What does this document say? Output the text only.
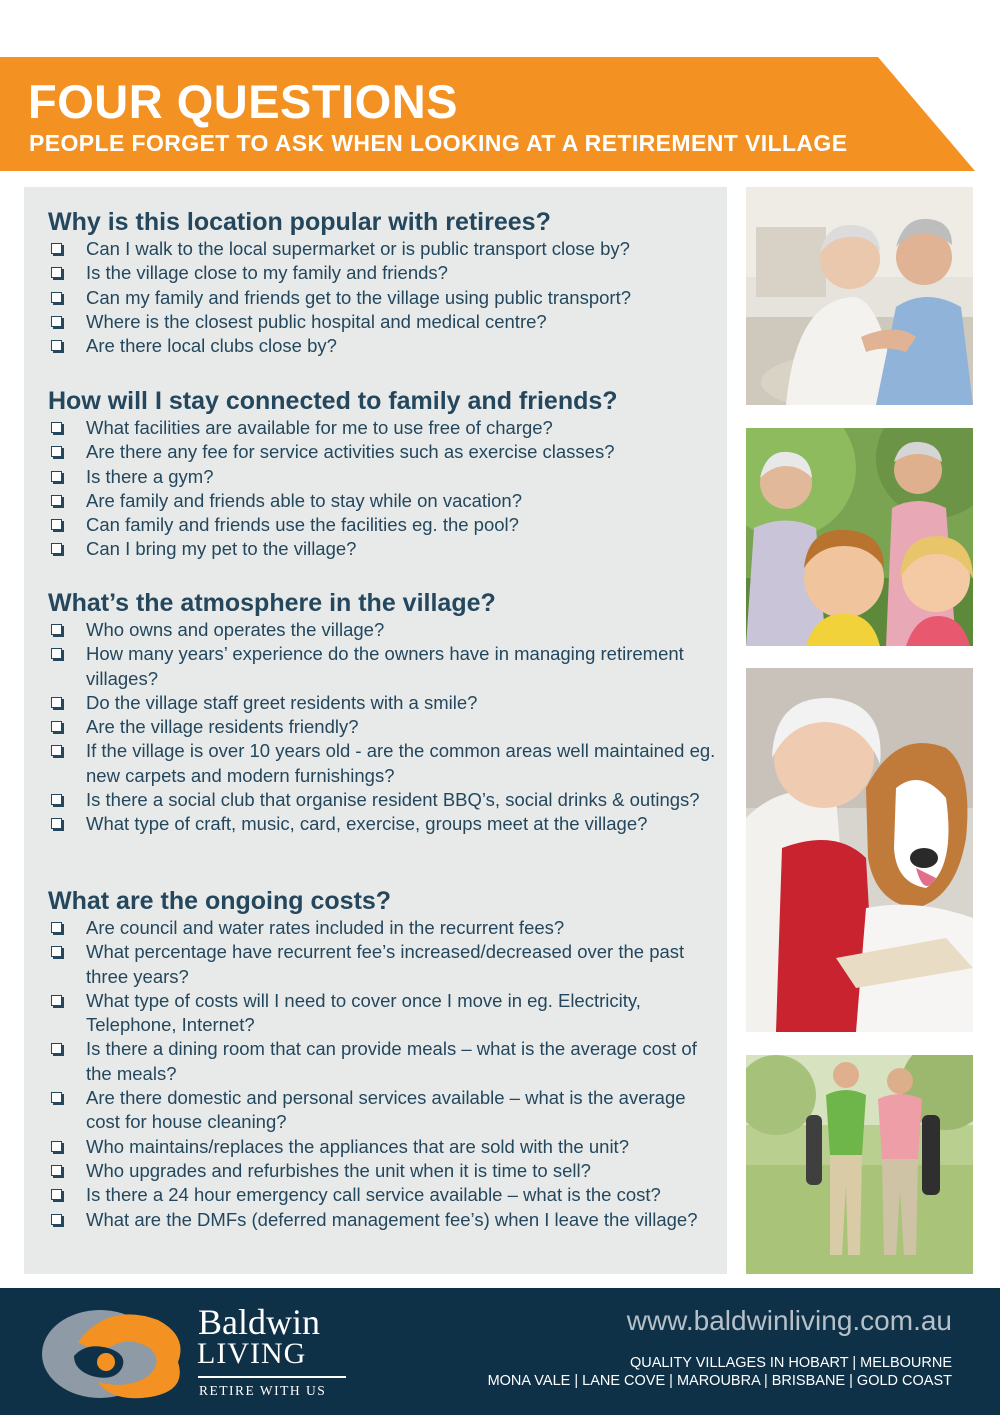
FOUR QUESTIONS

PEOPLE FORGET TO ASK WHEN LOOKING AT A RETIREMENT VILLAGE

Why is this location popular with retirees?
Can I walk to the local supermarket or is public transport close by?
Is the village close to my family and friends?
Can my family and friends get to the village using public transport?
Where is the closest public hospital and medical centre?
Are there local clubs close by?
How will I stay connected to family and friends?
What facilities are available for me to use free of charge?
Are there any fee for service activities such as exercise classes?
Is there a gym?
Are family and friends able to stay while on vacation?
Can family and friends use the facilities eg. the pool?
Can I bring my pet to the village?
What’s the atmosphere in the village?
Who owns and operates the village?
How many years’ experience do the owners have in managing retirement villages?
Do the village staff greet residents with a smile?
Are the village residents friendly?
If the village is over 10 years old - are the common areas well maintained eg. new carpets and modern furnishings?
Is there a social club that organise resident BBQ’s, social drinks & outings?
What type of craft, music, card, exercise, groups meet at the village?
What are the ongoing costs?
Are council and water rates included in the recurrent fees?
What percentage have recurrent fee’s increased/decreased over the past three years?
What type of costs will I need to cover once I move in eg. Electricity, Telephone, Internet?
Is there a dining room that can provide meals – what is the average cost of the meals?
Are there domestic and personal services available – what is the average cost for house cleaning?
Who maintains/replaces the appliances that are sold with the unit?
Who upgrades and refurbishes the unit when it is time to sell?
Is there a 24 hour emergency call service available – what is the cost?
What are the DMFs (deferred management fee’s) when I leave the village?

Baldwin

LIVING

RETIRE WITH US

www.baldwinliving.com.au

QUALITY VILLAGES IN HOBART | MELBOURNE

MONA VALE | LANE COVE | MAROUBRA | BRISBANE | GOLD COAST
